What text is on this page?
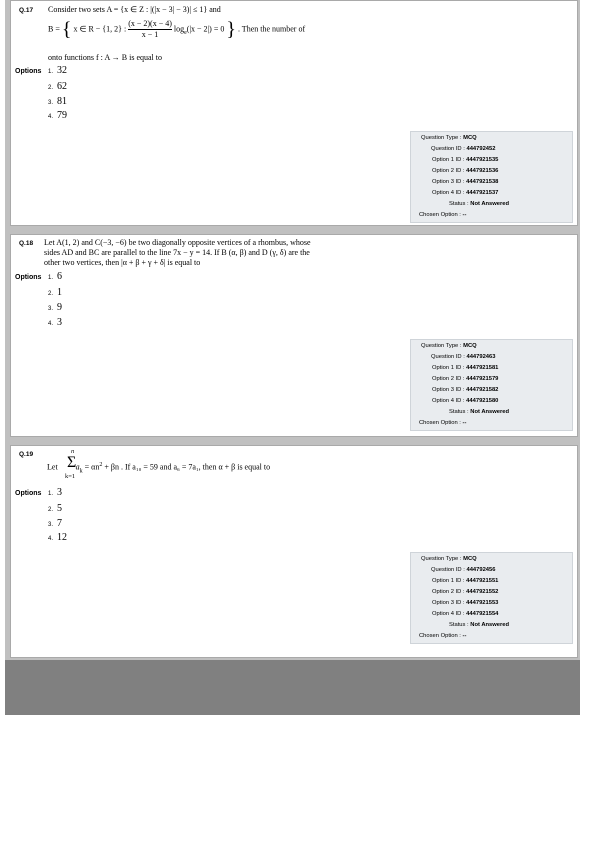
Q.17 Consider two sets A = {x ∈ Z : |(|x − 3| − 3)| ≤ 1} and
B = { x ∈ R − {1, 2} : $\frac{(x - 2)(x - 4)}{x - 1} \log_e(|x - 2|) = 0$ } . Then the number of
onto functions f : A → B is equal to
Options 1. 32
2. 62
3. 81
4. 79
Question Type : MCQ
Question ID : 444792452
Option 1 ID : 4447921535
Option 2 ID : 4447921536
Option 3 ID : 4447921538
Option 4 ID : 4447921537
Status : Not Answered
Chosen Option : --
Q.18 Let A(1, 2) and C(−3, −6) be two diagonally opposite vertices of a rhombus, whose
sides AD and BC are parallel to the line 7x − y = 14. If B (α, β) and D (γ, δ) are the
other two vertices, then |α + β + γ + δ| is equal to
Options 1. 6
2. 1
3. 9
4. 3
Question Type : MCQ
Question ID : 444792463
Option 1 ID : 4447921581
Option 2 ID : 4447921579
Option 3 ID : 4447921582
Option 4 ID : 4447921580
Status : Not Answered
Chosen Option : --
Q.19	n
Σ
k=1
Let $a_k = \alpha n^2 + \beta n$ . If a₁₀ = 59 and a₆ = 7a₁, then α + β is equal to
Options 1. 3
2. 5
3. 7
4. 12
Question Type : MCQ
Question ID : 444792456
Option 1 ID : 4447921551
Option 2 ID : 4447921552
Option 3 ID : 4447921553
Option 4 ID : 4447921554
Status : Not Answered
Chosen Option : --
